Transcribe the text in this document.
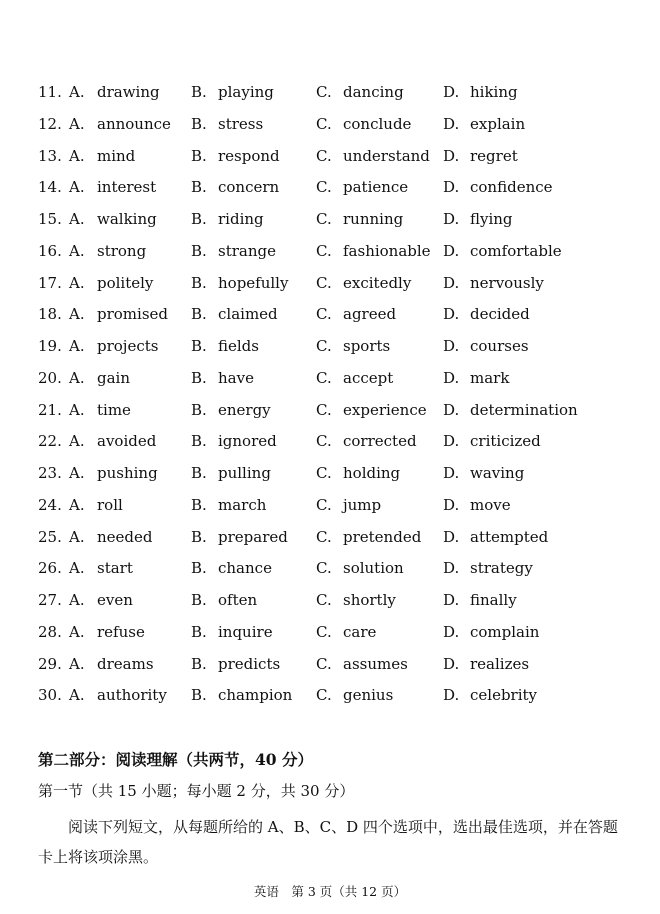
11. A. drawing B. playing	C. dancing	D. hiking
12. A. announce B. stress	C. conclude D. explain
13. A. mind	B. respond C. understand D. regret
14. A. interest B. concern C. patience D. confidence
15. A. walking B. riding	C. running	D. flying
16. A. strong	B. strange	C. fashionable D. comfortable
17. A. politely	B. hopefully C. excitedly D. nervously
18. A. promised B. claimed	C. agreed	D. decided
19. A. projects B. fields	C. sports	D. courses
20. A. gain	B. have	C. accept	D. mark
21. A. time	B. energy	C. experience D. determination
22. A. avoided B. ignored	C. corrected D. criticized
23. A. pushing B. pulling	C. holding	D. waving
24. A. roll	B. march	C. jump	D. move
25. A. needed	B. prepared C. pretended D. attempted
26. A. start	B. chance	C. solution	D. strategy
27. A. even	B. often	C. shortly	D. finally
28. A. refuse	B. inquire	C. care	D. complain
29. A. dreams B. predicts C. assumes D. realizes
30. A. authority B. champion C. genius	D. celebrity
第二部分：阅读理解（共两节，40 分）
第一节（共 15 小题；每小题 2 分，共 30 分）
阅读下列短文，从每题所给的 A、B、C、D 四个选项中，选出最佳选项，并在答题卡上将该项涂黑。
英语　第 3 页（共 12 页）
